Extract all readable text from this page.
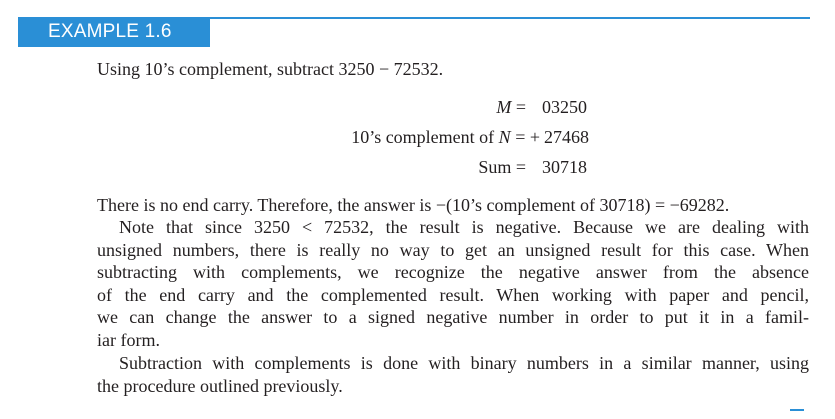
EXAMPLE 1.6
Using 10’s complement, subtract 3250 − 72532.
M = 03250
10’s complement of N = + 27468
Sum = 30718

There is no end carry. Therefore, the answer is −(10’s complement of 30718) = −69282.

Note that since 3250 < 72532, the result is negative. Because we are dealing with
unsigned numbers, there is really no way to get an unsigned result for this case. When
subtracting with complements, we recognize the negative answer from the absence
of the end carry and the complemented result. When working with paper and pencil,
we can change the answer to a signed negative number in order to put it in a famil-
iar form.

Subtraction with complements is done with binary numbers in a similar manner, using
the procedure outlined previously.
